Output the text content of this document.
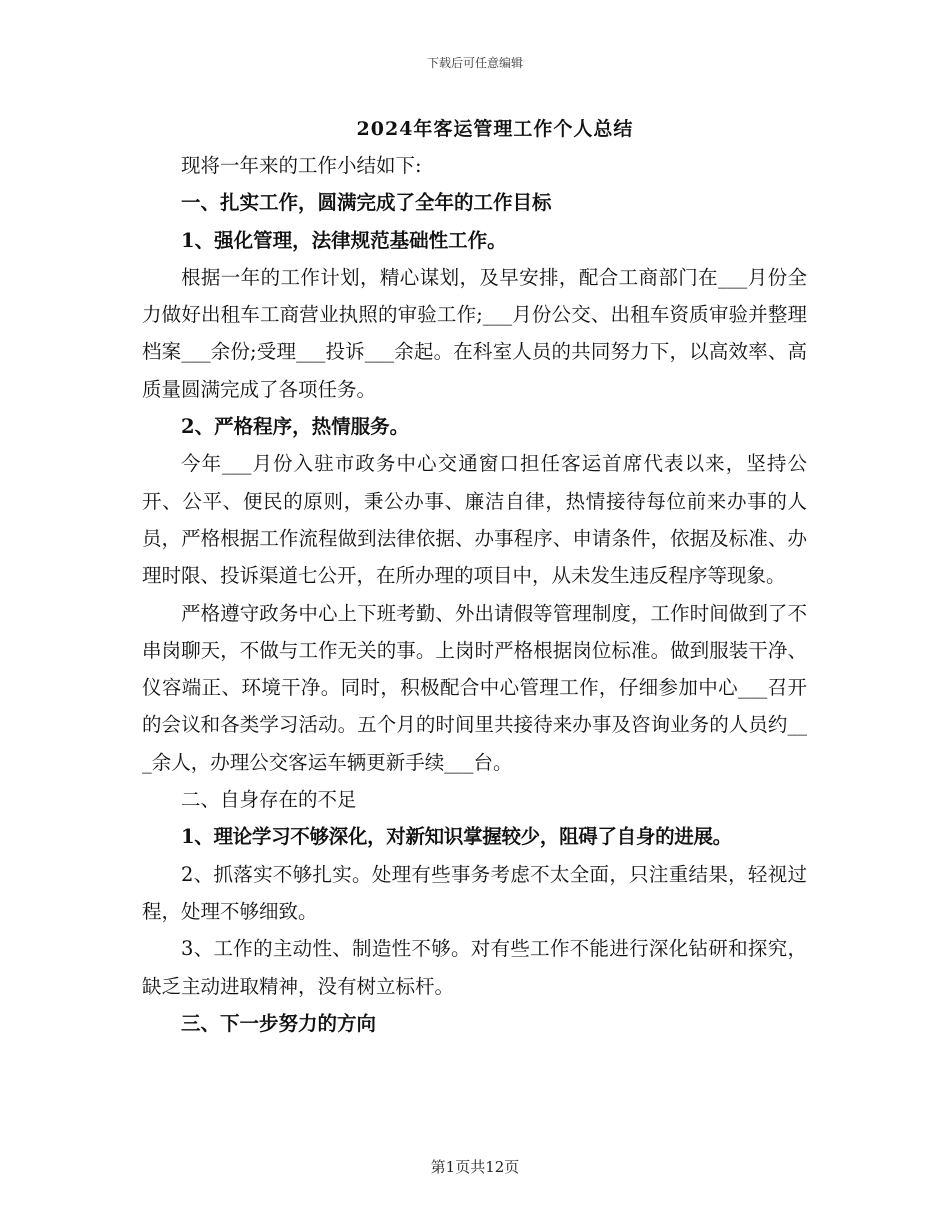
下载后可任意编辑
2024年客运管理工作个人总结

现将一年来的工作小结如下:

一、扎实工作，圆满完成了全年的工作目标

1、强化管理，法律规范基础性工作。

根据一年的工作计划，精心谋划，及早安排，配合工商部门在___月份全力做好出租车工商营业执照的审验工作;___月份公交、出租车资质审验并整理档案___余份;受理___投诉___余起。在科室人员的共同努力下，以高效率、高质量圆满完成了各项任务。

2、严格程序，热情服务。

今年___月份入驻市政务中心交通窗口担任客运首席代表以来，坚持公开、公平、便民的原则，秉公办事、廉洁自律，热情接待每位前来办事的人员，严格根据工作流程做到法律依据、办事程序、申请条件，依据及标准、办理时限、投诉渠道七公开，在所办理的项目中，从未发生违反程序等现象。

严格遵守政务中心上下班考勤、外出请假等管理制度，工作时间做到了不串岗聊天，不做与工作无关的事。上岗时严格根据岗位标准。做到服装干净、仪容端正、环境干净。同时，积极配合中心管理工作，仔细参加中心___召开的会议和各类学习活动。五个月的时间里共接待来办事及咨询业务的人员约___余人，办理公交客运车辆更新手续___台。

二、自身存在的不足

1、理论学习不够深化，对新知识掌握较少，阻碍了自身的进展。

2、抓落实不够扎实。处理有些事务考虑不太全面，只注重结果，轻视过程，处理不够细致。

3、工作的主动性、制造性不够。对有些工作不能进行深化钻研和探究，缺乏主动进取精神，没有树立标杆。

三、下一步努力的方向

第1页共12页
